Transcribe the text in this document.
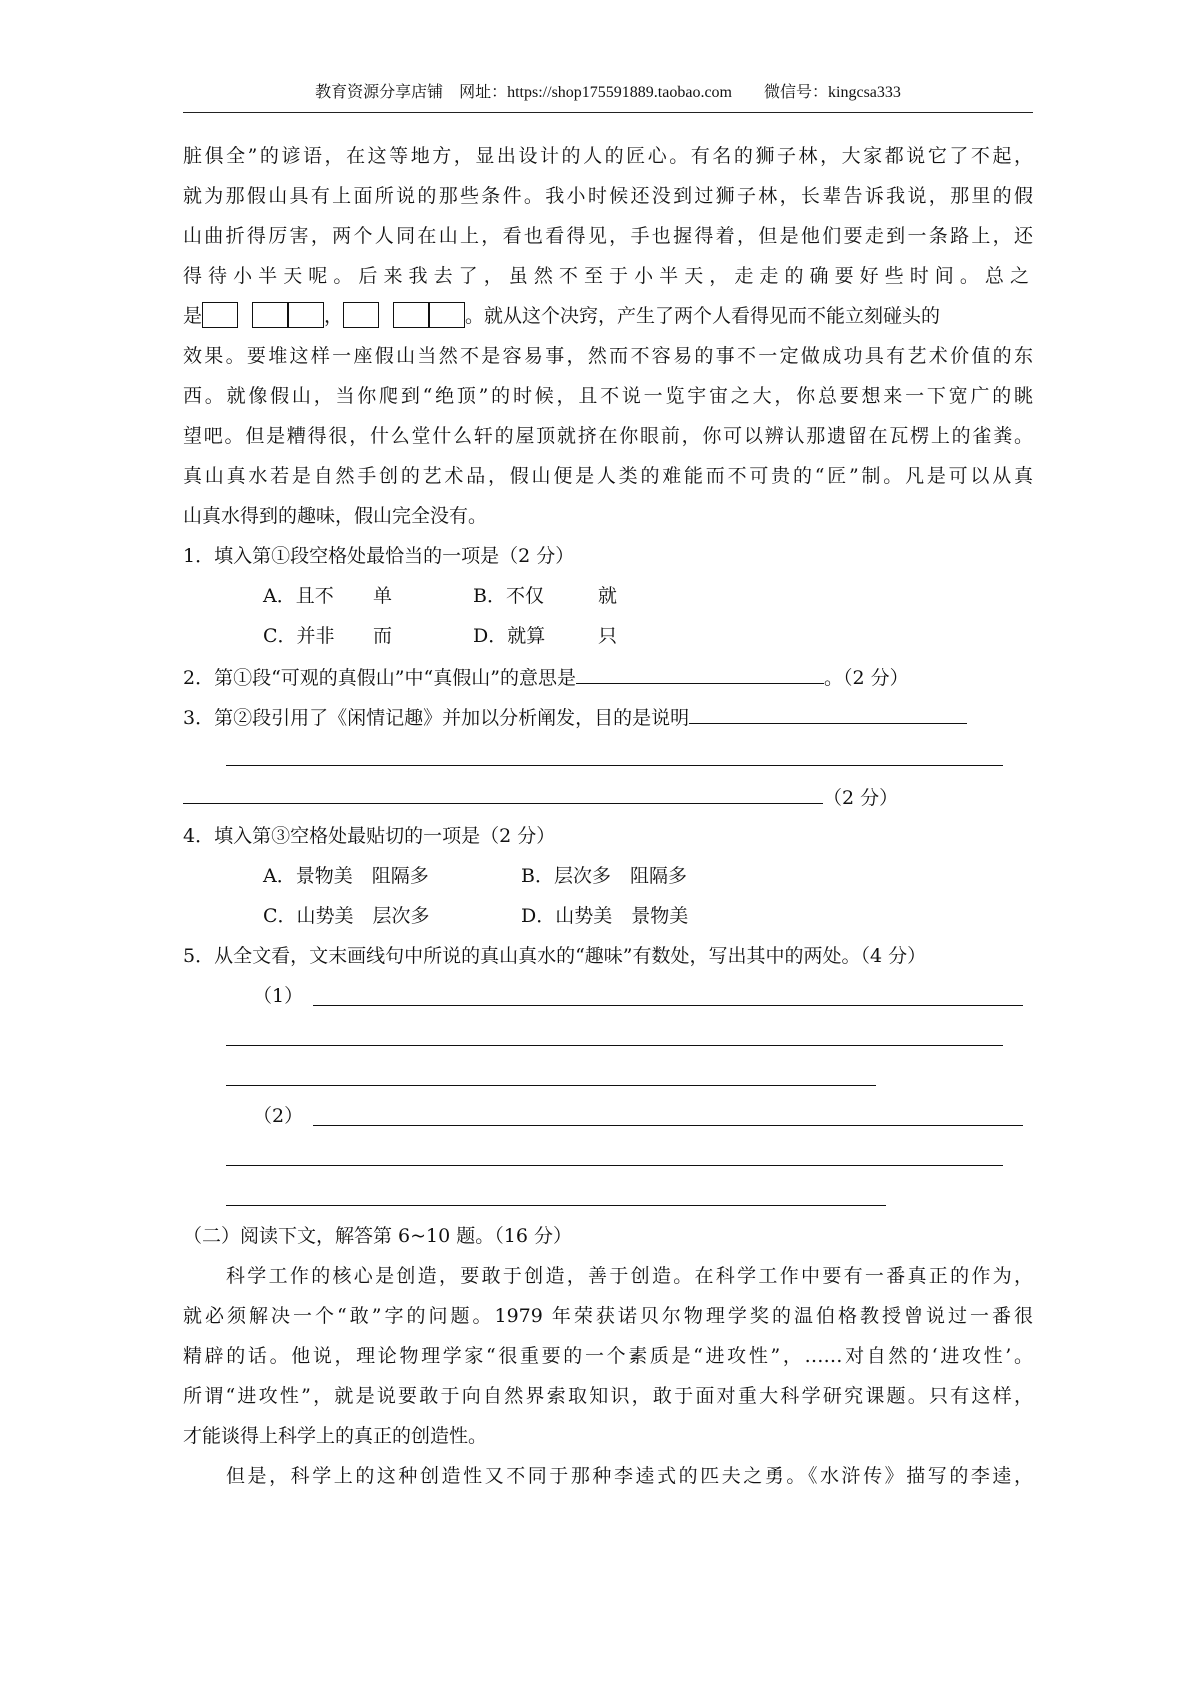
教育资源分享店铺　 网址：https://shop175591889.taobao.com　　 微信号：kingcsa333
脏俱全”的谚语，在这等地方，显出设计的人的匠心。有名的狮子林，大家都说它了不起，
就为那假山具有上面所说的那些条件。我小时候还没到过狮子林，长辈告诉我说，那里的假
山曲折得厉害，两个人同在山上，看也看得见，手也握得着，但是他们要走到一条路上，还
得待小半天呢。后来我去了，虽然不至于小半天，走走的确要好些时间。总之
是	，	。就从这个决窍，产生了两个人看得见而不能立刻碰头的
效果。要堆这样一座假山当然不是容易事，然而不容易的事不一定做成功具有艺术价值的东
西。就像假山，当你爬到“绝顶”的时候，且不说一览宇宙之大，你总要想来一下宽广的眺
望吧。但是糟得很，什么堂什么轩的屋顶就挤在你眼前，你可以辨认那遗留在瓦楞上的雀粪。
真山真水若是自然手创的艺术品，假山便是人类的难能而不可贵的“匠”制。凡是可以从真
山真水得到的趣味，假山完全没有。
1．填入第①段空格处最恰当的一项是（2 分）
A．且不 单	B．不仅	就
C．并非 而	D．就算	只
2．第①段“可观的真假山”中“真假山”的意思是	。（2 分）
3．第②段引用了《闲情记趣》并加以分析阐发，目的是说明
（2 分）
4．填入第③空格处最贴切的一项是（2 分）
A．景物美　阻隔多	B．层次多　阻隔多
C．山势美　层次多	D．山势美　景物美
5．从全文看，文末画线句中所说的真山真水的“趣味”有数处，写出其中的两处。（4 分）
（1）
（2）
（二）阅读下文，解答第 6~10 题。（16 分）
科学工作的核心是创造，要敢于创造，善于创造。在科学工作中要有一番真正的作为，
就必须解决一个“敢”字的问题。1979 年荣获诺贝尔物理学奖的温伯格教授曾说过一番很
精辟的话。他说，理论物理学家“很重要的一个素质是“进攻性”，……对自然的‘进攻性’。
所谓“进攻性”，就是说要敢于向自然界索取知识，敢于面对重大科学研究课题。只有这样，
才能谈得上科学上的真正的创造性。
但是，科学上的这种创造性又不同于那种李逵式的匹夫之勇。《水浒传》描写的李逵，
